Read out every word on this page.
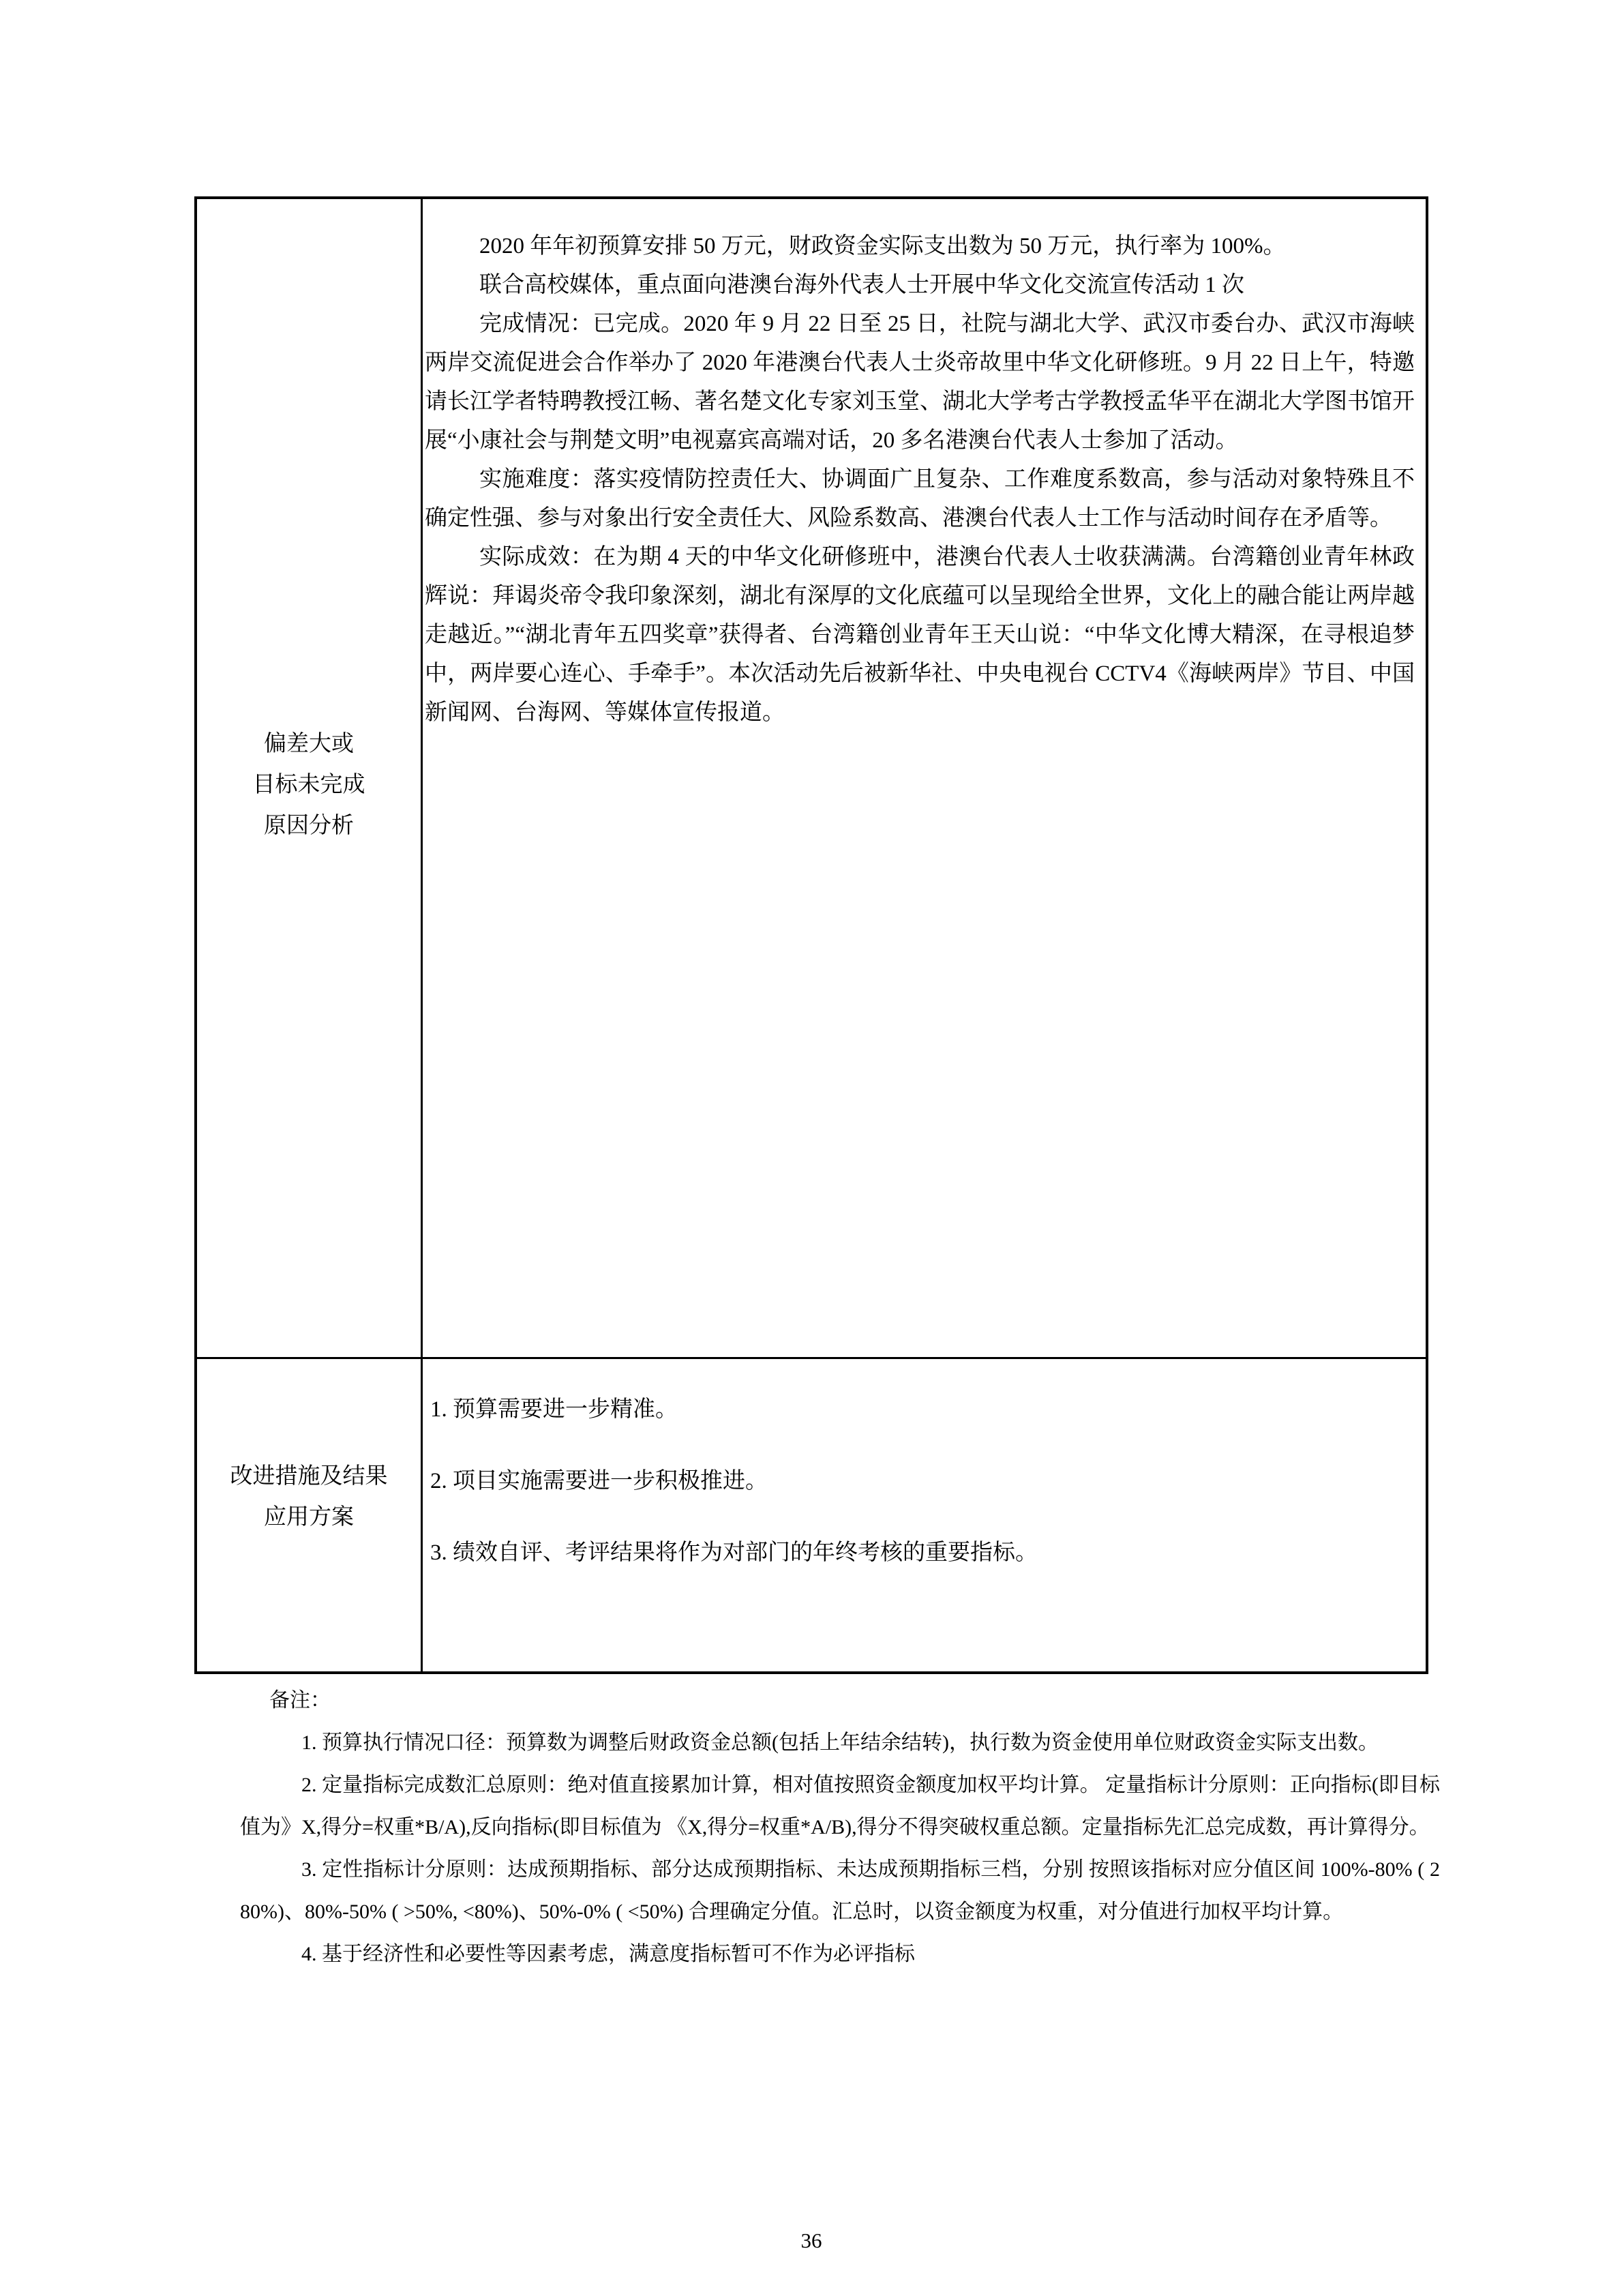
偏差大或
目标未完成
原因分析

2020 年年初预算安排 50 万元，财政资金实际支出数为 50 万元，执行率为 100%。

联合高校媒体，重点面向港澳台海外代表人士开展中华文化交流宣传活动 1 次

完成情况：已完成。2020 年 9 月 22 日至 25 日，社院与湖北大学、武汉市委台办、武汉市海峡两岸交流促进会合作举办了 2020 年港澳台代表人士炎帝故里中华文化研修班。9 月 22 日上午，特邀请长江学者特聘教授江畅、著名楚文化专家刘玉堂、湖北大学考古学教授孟华平在湖北大学图书馆开展“小康社会与荆楚文明”电视嘉宾高端对话，20 多名港澳台代表人士参加了活动。

实施难度：落实疫情防控责任大、协调面广且复杂、工作难度系数高，参与活动对象特殊且不确定性强、参与对象出行安全责任大、风险系数高、港澳台代表人士工作与活动时间存在矛盾等。

实际成效：在为期 4 天的中华文化研修班中，港澳台代表人士收获满满。台湾籍创业青年林政辉说：拜谒炎帝令我印象深刻，湖北有深厚的文化底蕴可以呈现给全世界，文化上的融合能让两岸越走越近。”“湖北青年五四奖章”获得者、台湾籍创业青年王天山说：“中华文化博大精深，在寻根追梦中，两岸要心连心、手牵手”。本次活动先后被新华社、中央电视台 CCTV4《海峡两岸》节目、中国新闻网、台海网、等媒体宣传报道。

改进措施及结果
应用方案

1. 预算需要进一步精准。

2. 项目实施需要进一步积极推进。

3. 绩效自评、考评结果将作为对部门的年终考核的重要指标。

备注：

1. 预算执行情况口径：预算数为调整后财政资金总额(包括上年结余结转)，执行数为资金使用单位财政资金实际支出数。

2. 定量指标完成数汇总原则：绝对值直接累加计算，相对值按照资金额度加权平均计算。 定量指标计分原则：正向指标(即目标值为》X,得分=权重*B/A),反向指标(即目标值为 《X,得分=权重*A/B),得分不得突破权重总额。定量指标先汇总完成数，再计算得分。

3. 定性指标计分原则：达成预期指标、部分达成预期指标、未达成预期指标三档，分别 按照该指标对应分值区间 100%-80% ( 2 80%)、80%-50% ( >50%, <80%)、50%-0% ( <50%) 合理确定分值。汇总时，以资金额度为权重，对分值进行加权平均计算。

4. 基于经济性和必要性等因素考虑，满意度指标暂可不作为必评指标

36
